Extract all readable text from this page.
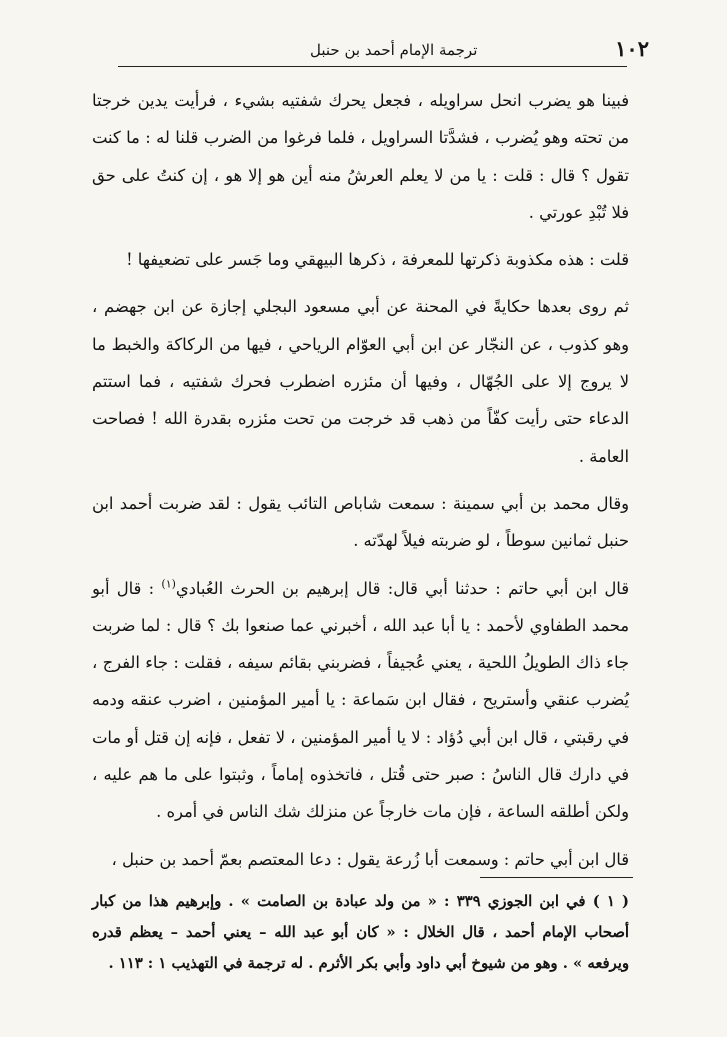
١٠٢
ترجمة الإمام أحمد بن حنبل

فبينا هو يضرب انحل سراويله ، فجعل يحرك شفتيه بشيء ، فرأيت يدين خرجتا من تحته وهو يُضرب ، فشدَّتا السراويل ، فلما فرغوا من الضرب قلنا له : ما كنت تقول ؟ قال : قلت : يا من لا يعلم العرشُ منه أين هو إلا هو ، إن كنتُ على حق فلا تُبْدِ عورتي .

قلت : هذه مكذوبة ذكرتها للمعرفة ، ذكرها البيهقي وما جَسر على تضعيفها !

ثم روى بعدها حكايةً في المحنة عن أبي مسعود البجلي إجازة عن ابن جهضم ، وهو كذوب ، عن النجّار عن ابن أبي العوّام الرياحي ، فيها من الركاكة والخبط ما لا يروج إلا على الجُهّال ، وفيها أن مئزره اضطرب فحرك شفتيه ، فما استتم الدعاء حتى رأيت كفّاً من ذهب قد خرجت من تحت مئزره بقدرة الله ! فصاحت العامة .

وقال محمد بن أبي سمينة : سمعت شاباص التائب يقول : لقد ضربت أحمد ابن حنبل ثمانين سوطاً ، لو ضربته فيلاً لهدّته .

قال ابن أبي حاتم : حدثنا أبي قال: قال إبرهيم بن الحرث العُبادي$^{(١)}$ : قال أبو محمد الطفاوي لأحمد : يا أبا عبد الله ، أخبرني عما صنعوا بك ؟ قال : لما ضربت جاء ذاك الطويلُ اللحية ، يعني عُجيفاً ، فضربني بقائم سيفه ، فقلت : جاء الفرج ، يُضرب عنقي وأستريح ، فقال ابن سَماعة : يا أمير المؤمنين ، اضرب عنقه ودمه في رقبتي ، قال ابن أبي دُؤاد : لا يا أمير المؤمنين ، لا تفعل ، فإنه إن قتل أو مات في دارك قال الناسُ : صبر حتى قُتل ، فاتخذوه إماماً ، وثبتوا على ما هم عليه ، ولكن أطلقه الساعة ، فإن مات خارجاً عن منزلك شك الناس في أمره .

قال ابن أبي حاتم : وسمعت أبا زُرعة يقول : دعا المعتصم بعمّ أحمد بن حنبل ،

( ١ ) في ابن الجوزي ٣٣٩ : « من ولد عبادة بن الصامت » . وإبرهيم هذا من كبار أصحاب الإمام أحمد ، قال الخلال : « كان أبو عبد الله – يعني أحمد – يعظم قدره ويرفعه » . وهو من شيوخ أبي داود وأبي بكر الأثرم . له ترجمة في التهذيب ١ : ١١٣ .
